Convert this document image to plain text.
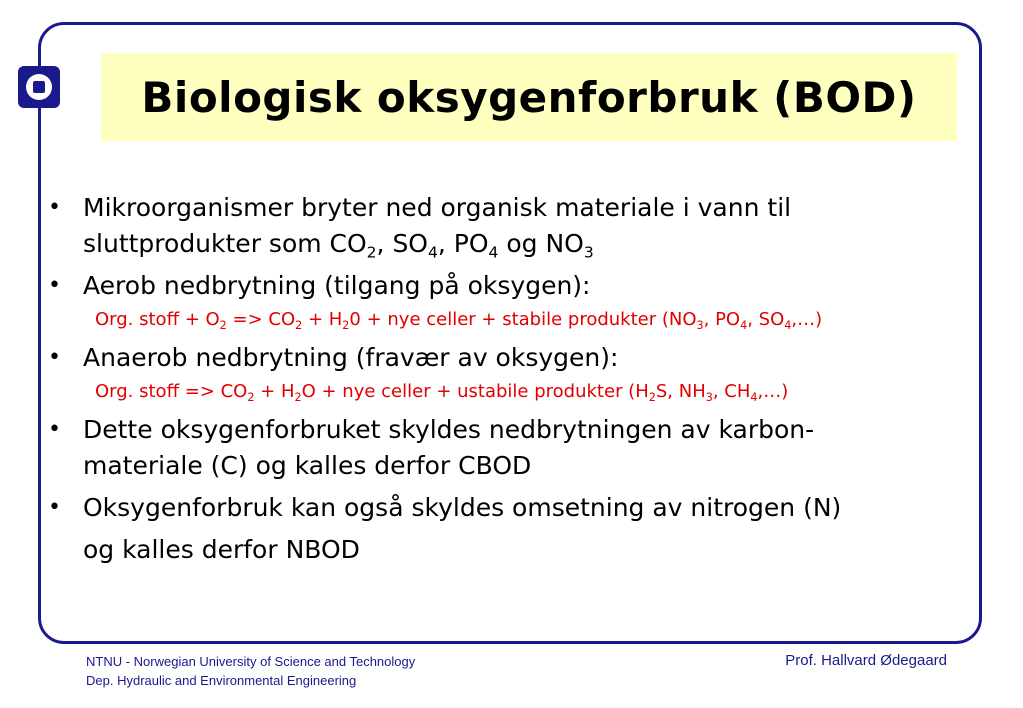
Biologisk oksygenforbruk (BOD)
• Mikroorganismer bryter ned organisk materiale i vann til
sluttprodukter som $CO_2$, $SO_4$, $PO_4$ og $NO_3$
• Aerob nedbrytning (tilgang på oksygen):
Org. stoff + $O_2 => CO_2 + H_20$ + nye celler + stabile produkter ($NO_3$, $PO_4$, $SO_4,\dots$)
• Anaerob nedbrytning (fravær av oksygen):
Org. stoff => $CO_2 + H_2O$ + nye celler + ustabile produkter ($H_2S$, $NH_3$, $CH_4,\dots$)
• Dette oksygenforbruket skyldes nedbrytningen av karbon-
materiale (C) og kalles derfor CBOD
• Oksygenforbruk kan også skyldes omsetning av nitrogen (N)
og kalles derfor NBOD
NTNU - Norwegian University of Science and Technology
Dep. Hydraulic and Environmental Engineering
Prof. Hallvard Ødegaard
